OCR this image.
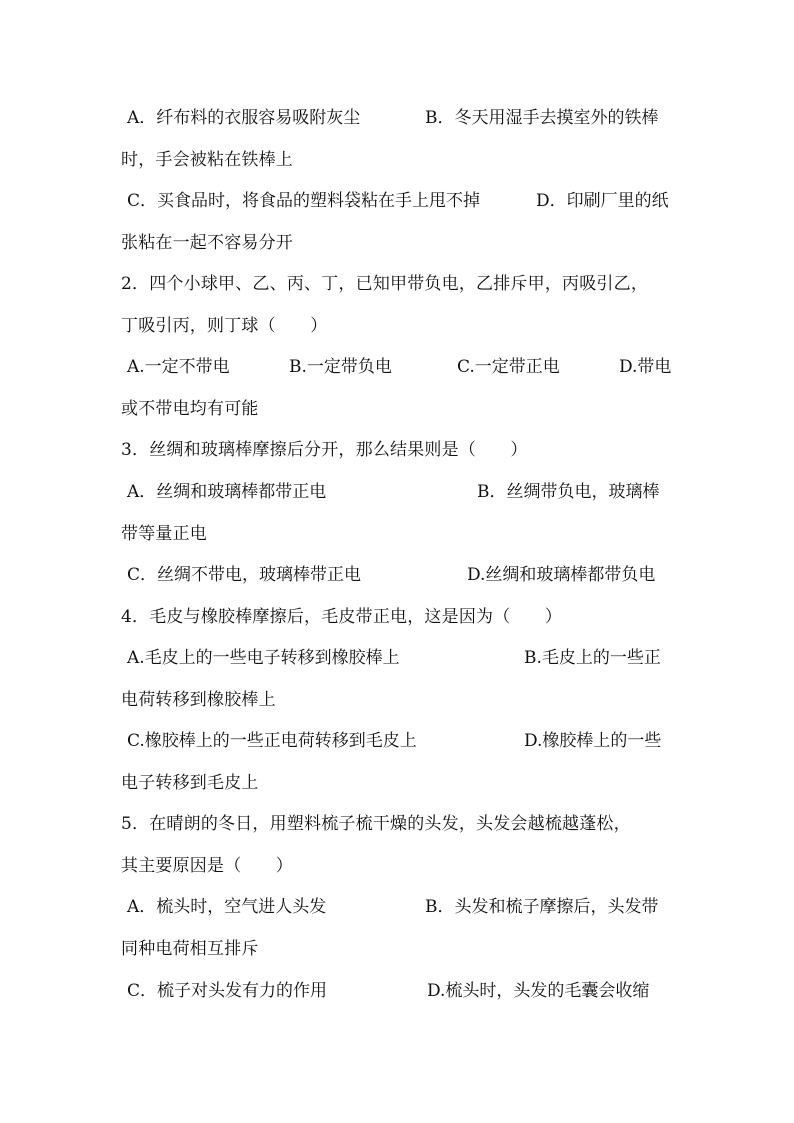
A．纤布料的衣服容易吸附灰尘	B．冬天用湿手去摸室外的铁棒
时，手会被粘在铁棒上
C．买食品时，将食品的塑料袋粘在手上甩不掉	D．印刷厂里的纸
张粘在一起不容易分开
2．四个小球甲、乙、丙、丁，已知甲带负电，乙排斥甲，丙吸引乙，
丁吸引丙，则丁球（　　）
A.一定不带电	B.一定带负电	C.一定带正电	D.带电
或不带电均有可能
3．丝绸和玻璃棒摩擦后分开，那么结果则是（　　）
A．丝绸和玻璃棒都带正电	B．丝绸带负电，玻璃棒
带等量正电
C．丝绸不带电，玻璃棒带正电	D.丝绸和玻璃棒都带负电
4．毛皮与橡胶棒摩擦后，毛皮带正电，这是因为（　　）
A.毛皮上的一些电子转移到橡胶棒上	B.毛皮上的一些正
电荷转移到橡胶棒上
C.橡胶棒上的一些正电荷转移到毛皮上	D.橡胶棒上的一些
电子转移到毛皮上
5．在晴朗的冬日，用塑料梳子梳干燥的头发，头发会越梳越蓬松，
其主要原因是（　　）
A．梳头时，空气进人头发	B．头发和梳子摩擦后，头发带
同种电荷相互排斥
C．梳子对头发有力的作用	D.梳头时，头发的毛囊会收缩
